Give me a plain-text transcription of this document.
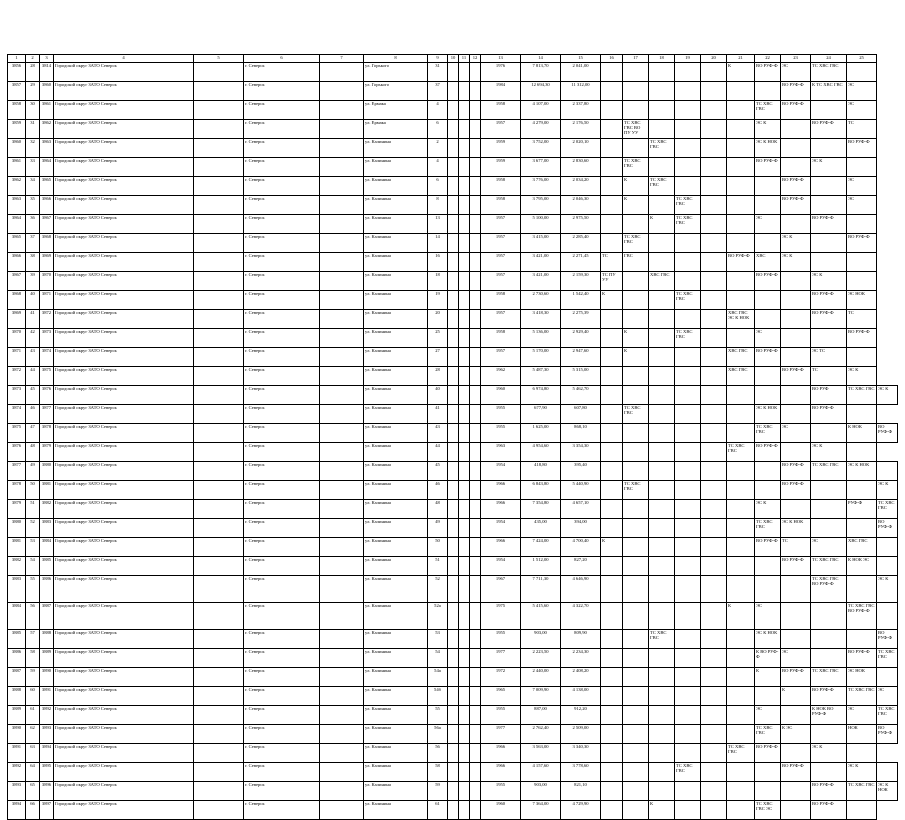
1	2	3	4	5	6	7	8	9	10	11	12	13	14	15	16	17	18	19	20	21	22	23	24	25	
3856	28	3814	Городской округ ЗАТО Северск		г. Северск		ул. Горького	31				1976	7 813,70	2 041,00						К	ВО РУФ-Ф	ЭС	ТС ХВС ГВС		
3857	29	3860	Городской округ ЗАТО Северск		г. Северск		ул. Горького	37				1984	12 694,30	11 312,00								ВО РУФ-Ф	К ТС ХВС ГВС	ЭС	
3858	30	3861	Городской округ ЗАТО Северск		г. Северск		ул. Ермака	4				1958	4 107,00	2 337,80							ТС ХВС ГВС	ВО РУФ-Ф		ЭС	
3859	31	3862	Городской округ ЗАТО Северск		г. Северск		ул. Ермака	6				1957	4 279,00	2 176,50		ТС ХВС ГВС ВО ПУ УУ					ЭС К		ВО РУФ-Ф	ТС	
3860	32	3863	Городской округ ЗАТО Северск		г. Северск		ул. Калинина	2				1959	3 752,00	2 020,10			ТС ХВС ГВС				ЭС К НОК			ВО РУФ-Ф	
3861	33	3864	Городской округ ЗАТО Северск		г. Северск		ул. Калинина	4				1959	3 677,00	2 830,60		ТС ХВС ГВС					ВО РУФ-Ф		ЭС К		
3862	34	3865	Городской округ ЗАТО Северск		г. Северск		ул. Калинина	6				1958	3 776,00	2 034,20		К	ТС ХВС ГВС					ВО РУФ-Ф		ЭС	
3863	35	3866	Городской округ ЗАТО Северск		г. Северск		ул. Калинина	8				1958	3 795,00	2 046,30		К		ТС ХВС ГВС				ВО РУФ-Ф		ЭС	
3864	36	3867	Городской округ ЗАТО Северск		г. Северск		ул. Калинина	13				1957	5 100,00	2 975,50			К	ТС ХВС ГВС			ЭС		ВО РУФ-Ф		
3865	37	3868	Городской округ ЗАТО Северск		г. Северск		ул. Калинина	14				1957	3 415,00	2 285,40		ТС ХВС ГВС						ЭС К		ВО РУФ-Ф	
3866	38	3869	Городской округ ЗАТО Северск		г. Северск		ул. Калинина	16				1957	3 421,00	2 271,45	ТС	ГВС				ВО РУФ-Ф	ХВС	ЭС К			
3867	39	3870	Городской округ ЗАТО Северск		г. Северск		ул. Калинина	18				1957	3 421,00	2 159,30	ТС ПУ УУ		ХВС ГВС				ВО РУФ-Ф		ЭС К		
3868	40	3871	Городской округ ЗАТО Северск		г. Северск		ул. Калинина	19				1958	2 730,60	1 542,40	К			ТС ХВС ГВС					ВО РУФ-Ф	ЭС НОК	
3869	41	3872	Городской округ ЗАТО Северск		г. Северск		ул. Калинина	20				1957	3 418,30	2 275,39						ХВС ГВС ЭС К НОК			ВО РУФ-Ф	ТС	
3870	42	3873	Городской округ ЗАТО Северск		г. Северск		ул. Калинина	25				1958	5 136,00	2 929,40		К		ТС ХВС ГВС			ЭС			ВО РУФ-Ф	
3871	43	3874	Городской округ ЗАТО Северск		г. Северск		ул. Калинина	27				1957	5 170,00	2 947,60		К				ХВС ГВС	ВО РУФ-Ф		ЭС ТС		
3872	44	3875	Городской округ ЗАТО Северск		г. Северск		ул. Калинина	28				1962	5 487,30	5 315,00						ХВС ГВС		ВО РУФ-Ф	ТС	ЭС К	
3873	45	3876	Городской округ ЗАТО Северск		г. Северск		ул. Калинина	40				1960	6 974,80	5 462,70									ВО РУФ	ТС ХВС ГВС	ЭС К
3874	46	3877	Городской округ ЗАТО Северск		г. Северск		ул. Калинина	41				1955	677,90	607,80		ТС ХВС ГВС					ЭС К НОК		ВО РУФ-Ф		
3875	47	3878	Городской округ ЗАТО Северск		г. Северск		ул. Калинина	43				1955	1 625,00	868,10							ТС ХВС ГВС	ЭС		К НОК	ВО РУФ-Ф
3876	48	3879	Городской округ ЗАТО Северск		г. Северск		ул. Калинина	44				1963	4 954,60	3 354,30						ТС ХВС ГВС	ВО РУФ-Ф		ЭС К		
3877	49	3880	Городской округ ЗАТО Северск		г. Северск		ул. Калинина	45				1954	418,80	395,40								ВО РУФ-Ф	ТС ХВС ГВС	ЭС К НОК	
3878	50	3881	Городской округ ЗАТО Северск		г. Северск		ул. Калинина	46				1966	6 843,80	5 440,90		ТС ХВС ГВС						ВО РУФ-Ф			ЭС К
3879	51	3882	Городской округ ЗАТО Северск		г. Северск		ул. Калинина	48				1966	7 354,80	4 657,10							ЭС К			РУФ-Ф	ТС ХВС ГВС
3880	52	3883	Городской округ ЗАТО Северск		г. Северск		ул. Калинина	49				1954	435,00	394,00							ТС ХВС ГВС	ЭС К НОК			ВО РУФ-Ф
3881	53	3884	Городской округ ЗАТО Северск		г. Северск		ул. Калинина	50				1966	7 424,00	4 700,40	К						ВО РУФ-Ф	ТС	ЭС	ХВС ГВС	
3882	54	3885	Городской округ ЗАТО Северск		г. Северск		ул. Калинина	51				1954	1 512,00	827,20								ВО РУФ-Ф	ТС ХВС ГВС	К НОК ЭС	
3883	55	3886	Городской округ ЗАТО Северск		г. Северск		ул. Калинина	52				1967	7 711,30	4 646,90									ТС ХВС ГВС ВО РУФ-Ф		ЭС К
3884	56	3887	Городской округ ЗАТО Северск		г. Северск		ул. Калинина	52а				1975	5 415,60	4 322,70						К	ЭС			ТС ХВС ГВС ВО РУФ-Ф	
3885	57	3888	Городской округ ЗАТО Северск		г. Северск		ул. Калинина	53				1955	903,00	809,90			ТС ХВС ГВС				ЭС К НОК				ВО РУФ-Ф
3886	58	3889	Городской округ ЗАТО Северск		г. Северск		ул. Калинина	54				1977	2 223,50	2 234,30							К ВО РУФ-Ф	ЭС		ВО РУФ-Ф	ТС ХВС ГВС
3887	59	3890	Городской округ ЗАТО Северск		г. Северск		ул. Калинина	54а				1972	2 440,00	2 408,20							К	ВО РУФ-Ф	ТС ХВС ГВС	ЭС НОК	
3888	60	3891	Городской округ ЗАТО Северск		г. Северск		ул. Калинина	54б				1965	7 009,90	4 138,00								К	ВО РУФ-Ф	ТС ХВС ГВС	ЭС
3889	61	3892	Городской округ ЗАТО Северск		г. Северск		ул. Калинина	55				1955	887,00	912,20							ЭС		К НОК ВО РУФ-Ф	ЭС	ТС ХВС ГВС
3890	62	3893	Городской округ ЗАТО Северск		г. Северск		ул. Калинина	56а				1977	2 762,40	2 509,00							ТС ХВС ГВС	К ЭС		НОК	ВО РУФ-Ф
3891	63	3894	Городской округ ЗАТО Северск		г. Северск		ул. Калинина	56				1966	3 563,00	3 340,30						ТС ХВС ГВС	ВО РУФ-Ф		ЭС К		
3892	64	3895	Городской округ ЗАТО Северск		г. Северск		ул. Калинина	58				1966	4 157,60	3 778,60				ТС ХВС ГВС				ВО РУФ-Ф		ЭС К	
3893	65	3896	Городской округ ЗАТО Северск		г. Северск		ул. Калинина	59				1955	903,00	821,10									ВО РУФ-Ф	ТС ХВС ГВС	ЭС К НОК
3894	66	3897	Городской округ ЗАТО Северск		г. Северск		ул. Калинина	61				1960	7 364,00	4 729,90			К				ТС ХВС ГВС ЭС		ВО РУФ-Ф		
